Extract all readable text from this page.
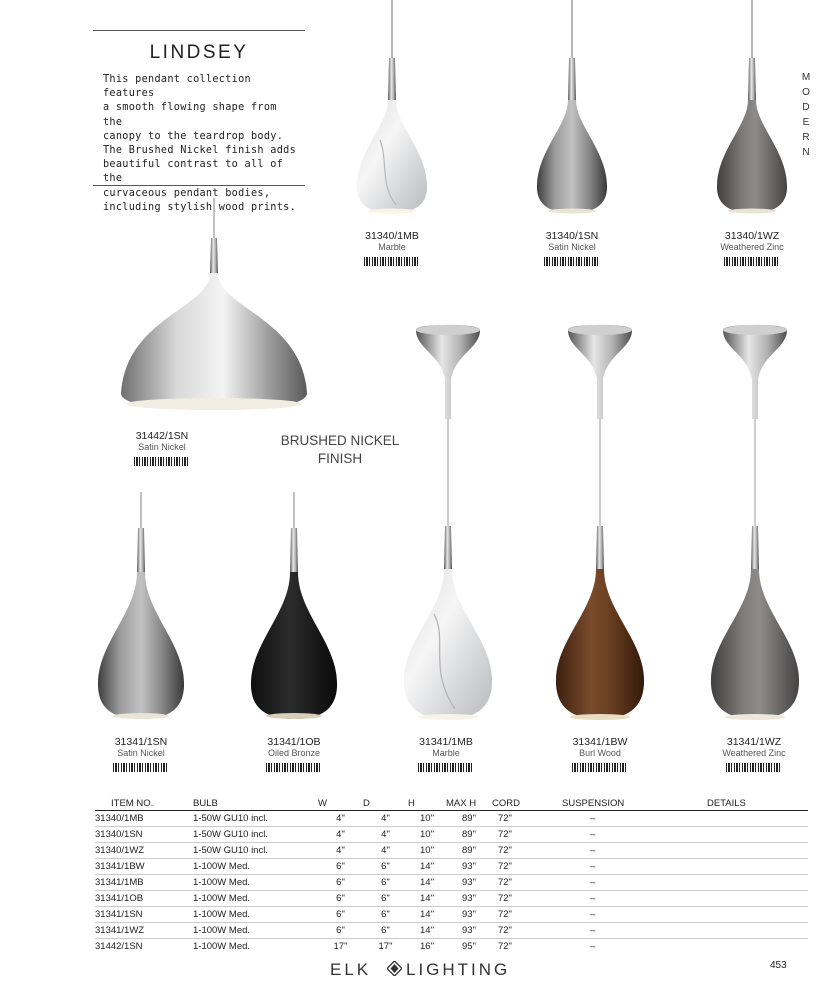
LINDSEY
This pendant collection features
a smooth flowing shape from the
canopy to the teardrop body.
The Brushed Nickel finish adds
beautiful contrast to all of the
curvaceous pendant bodies,
including stylish wood prints.
M
O
D
E
R
N
BRUSHED NICKEL
FINISH
31340/1MB
Marble
31340/1SN
Satin Nickel
31340/1WZ
Weathered Zinc
31442/1SN
Satin Nickel
31341/1SN
Satin Nickel
31341/1OB
Oiled Bronze
31341/1MB
Marble
31341/1BW
Burl Wood
31341/1WZ
Weathered Zinc
ITEM NO.	BULB	W	D	H	MAX H	CORD	SUSPENSION	DETAILS
31340/1MB	1-50W GU10 incl.	4"	4"	10"	89"	72"	–	
31340/1SN	1-50W GU10 incl.	4"	4"	10"	89"	72"	–	
31340/1WZ	1-50W GU10 incl.	4"	4"	10"	89"	72"	–	
31341/1BW	1-100W Med.	6"	6"	14"	93"	72"	–	
31341/1MB	1-100W Med.	6"	6"	14"	93"	72"	–	
31341/1OB	1-100W Med.	6"	6"	14"	93"	72"	–	
31341/1SN	1-100W Med.	6"	6"	14"	93"	72"	–	
31341/1WZ	1-100W Med.	6"	6"	14"	93"	72"	–	
31442/1SN	1-100W Med.	17"	17"	16"	95"	72"	–	
ELK LIGHTING	453
